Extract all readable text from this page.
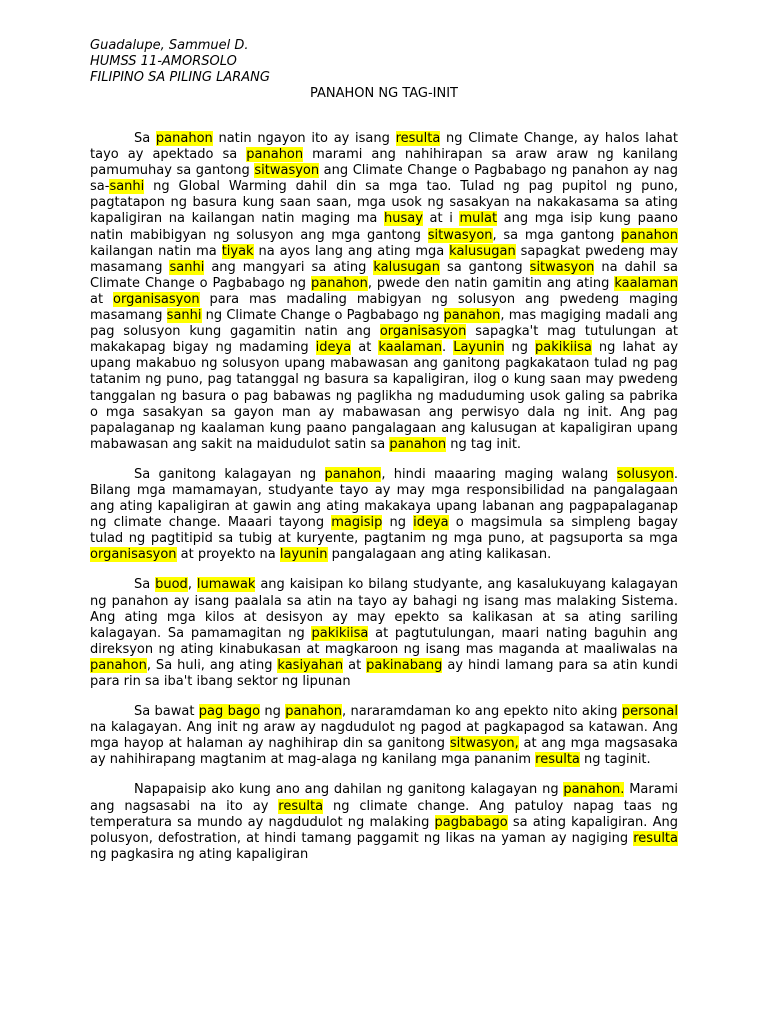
Guadalupe, Sammuel D.
HUMSS 11-AMORSOLO
FILIPINO SA PILING LARANG
PANAHON NG TAG-INIT

Sa panahon natin ngayon ito ay isang resulta ng Climate Change, ay halos lahat tayo ay apektado sa panahon marami ang nahihirapan sa araw araw ng kanilang pamumuhay sa gantong sitwasyon ang Climate Change o Pagbabago ng panahon ay nag sa-sanhi ng Global Warming dahil din sa mga tao. Tulad ng pag pupitol ng puno, pagtatapon ng basura kung saan saan, mga usok ng sasakyan na nakakasama sa ating kapaligiran na kailangan natin maging ma husay at i mulat ang mga isip kung paano natin mabibigyan ng solusyon ang mga gantong sitwasyon, sa mga gantong panahon kailangan natin ma tiyak na ayos lang ang ating mga kalusugan sapagkat pwedeng may masamang sanhi ang mangyari sa ating kalusugan sa gantong sitwasyon na dahil sa Climate Change o Pagbabago ng panahon, pwede den natin gamitin ang ating kaalaman at organisasyon para mas madaling mabigyan ng solusyon ang pwedeng maging masamang sanhi ng Climate Change o Pagbabago ng panahon, mas magiging madali ang pag solusyon kung gagamitin natin ang organisasyon sapagka't mag tutulungan at makakapag bigay ng madaming ideya at kaalaman. Layunin ng pakikiisa ng lahat ay upang makabuo ng solusyon upang mabawasan ang ganitong pagkakataon tulad ng pag tatanim ng puno, pag tatanggal ng basura sa kapaligiran, ilog o kung saan may pwedeng tanggalan ng basura o pag babawas ng paglikha ng maduduming usok galing sa pabrika o mga sasakyan sa gayon man ay mabawasan ang perwisyo dala ng init. Ang pag papalaganap ng kaalaman kung paano pangalagaan ang kalusugan at kapaligiran upang mabawasan ang sakit na maidudulot satin sa panahon ng tag init.

Sa ganitong kalagayan ng panahon, hindi maaaring maging walang solusyon. Bilang mga mamamayan, studyante tayo ay may mga responsibilidad na pangalagaan ang ating kapaligiran at gawin ang ating makakaya upang labanan ang pagpapalaganap ng climate change. Maaari tayong magisip ng ideya o magsimula sa simpleng bagay tulad ng pagtitipid sa tubig at kuryente, pagtanim ng mga puno, at pagsuporta sa mga organisasyon at proyekto na layunin pangalagaan ang ating kalikasan.

Sa buod, lumawak ang kaisipan ko bilang studyante, ang kasalukuyang kalagayan ng panahon ay isang paalala sa atin na tayo ay bahagi ng isang mas malaking Sistema. Ang ating mga kilos at desisyon ay may epekto sa kalikasan at sa ating sariling kalagayan. Sa pamamagitan ng pakikiisa at pagtutulungan, maari nating baguhin ang direksyon ng ating kinabukasan at magkaroon ng isang mas maganda at maaliwalas na panahon, Sa huli, ang ating kasiyahan at pakinabang ay hindi lamang para sa atin kundi para rin sa iba't ibang sektor ng lipunan

Sa bawat pag bago ng panahon, nararamdaman ko ang epekto nito aking personal na kalagayan. Ang init ng araw ay nagdudulot ng pagod at pagkapagod sa katawan. Ang mga hayop at halaman ay naghihirap din sa ganitong sitwasyon, at ang mga magsasaka ay nahihirapang magtanim at mag-alaga ng kanilang mga pananim resulta ng taginit.

Napapaisip ako kung ano ang dahilan ng ganitong kalagayan ng panahon. Marami ang nagsasabi na ito ay resulta ng climate change. Ang patuloy napag taas ng temperatura sa mundo ay nagdudulot ng malaking pagbabago sa ating kapaligiran. Ang polusyon, defostration, at hindi tamang paggamit ng likas na yaman ay nagiging resulta ng pagkasira ng ating kapaligiran
